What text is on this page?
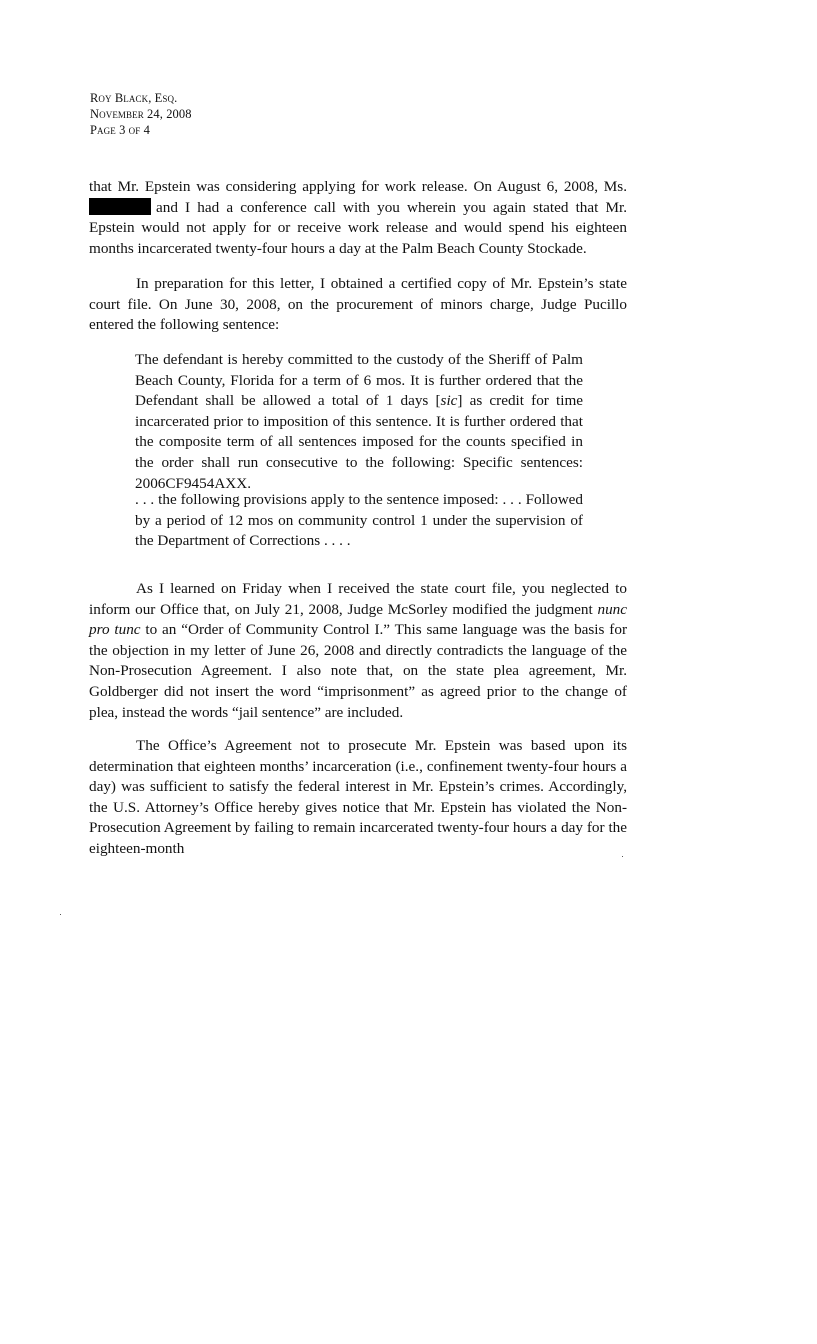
Roy Black, Esq.
November 24, 2008
Page 3 of 4

that Mr. Epstein was considering applying for work release. On August 6, 2008, Ms. and I had a conference call with you wherein you again stated that Mr. Epstein would not apply for or receive work release and would spend his eighteen months incarcerated twenty-four hours a day at the Palm Beach County Stockade.

In preparation for this letter, I obtained a certified copy of Mr. Epstein’s state court file. On June 30, 2008, on the procurement of minors charge, Judge Pucillo entered the following sentence:

The defendant is hereby committed to the custody of the Sheriff of Palm Beach County, Florida for a term of 6 mos. It is further ordered that the Defendant shall be allowed a total of 1 days [sic] as credit for time incarcerated prior to imposition of this sentence. It is further ordered that the composite term of all sentences imposed for the counts specified in the order shall run consecutive to the following: Specific sentences: 2006CF9454AXX.

. . . the following provisions apply to the sentence imposed: . . . Followed by a period of 12 mos on community control 1 under the supervision of the Department of Corrections . . . .

As I learned on Friday when I received the state court file, you neglected to inform our Office that, on July 21, 2008, Judge McSorley modified the judgment nunc pro tunc to an “Order of Community Control I.” This same language was the basis for the objection in my letter of June 26, 2008 and directly contradicts the language of the Non-Prosecution Agreement. I also note that, on the state plea agreement, Mr. Goldberger did not insert the word “imprisonment” as agreed prior to the change of plea, instead the words “jail sentence” are included.

The Office’s Agreement not to prosecute Mr. Epstein was based upon its determination that eighteen months’ incarceration (i.e., confinement twenty-four hours a day) was sufficient to satisfy the federal interest in Mr. Epstein’s crimes. Accordingly, the U.S. Attorney’s Office hereby gives notice that Mr. Epstein has violated the Non-Prosecution Agreement by failing to remain incarcerated twenty-four hours a day for the eighteen-month
